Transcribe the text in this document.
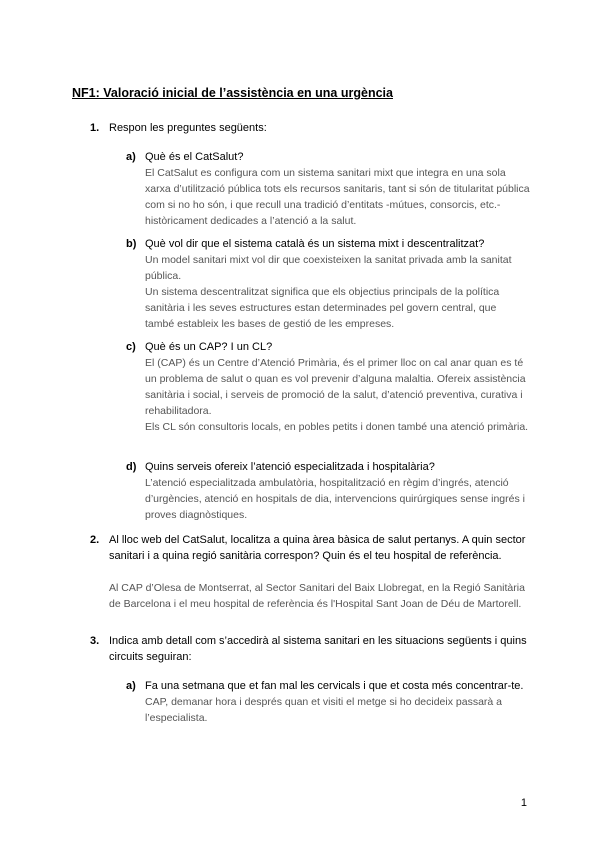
NF1: Valoració inicial de l’assistència en una urgència
1. Respon les preguntes següents:
a) Què és el CatSalut?

El CatSalut es configura com un sistema sanitari mixt que integra en una sola xarxa d’utilització pública tots els recursos sanitaris, tant si són de titularitat pública com si no ho són, i que recull una tradició d’entitats -mútues, consorcis, etc.- històricament dedicades a l’atenció a la salut.

b) Què vol dir que el sistema català és un sistema mixt i descentralitzat?

Un model sanitari mixt vol dir que coexisteixen la sanitat privada amb la sanitat pública.

Un sistema descentralitzat significa que els objectius principals de la política sanitària i les seves estructures estan determinades pel govern central, que també estableix les bases de gestió de les empreses.

c) Què és un CAP? I un CL?

El (CAP) és un Centre d’Atenció Primària, és el primer lloc on cal anar quan es té un problema de salut o quan es vol prevenir d’alguna malaltia. Ofereix assistència sanitària i social, i serveis de promoció de la salut, d’atenció preventiva, curativa i rehabilitadora.

Els CL són consultoris locals, en pobles petits i donen també una atenció primària.

d) Quins serveis ofereix l’atenció especialitzada i hospitalària?

L’atenció especialitzada ambulatòria, hospitalització en règim d’ingrés, atenció d’urgències, atenció en hospitals de dia, intervencions quirúrgiques sense ingrés i proves diagnòstiques.

2. Al lloc web del CatSalut, localitza a quina àrea bàsica de salut pertanys. A quin sector sanitari i a quina regió sanitària correspon? Quin és el teu hospital de referència.
Al CAP d’Olesa de Montserrat, al Sector Sanitari del Baix Llobregat, en la Regió Sanitària de Barcelona i el meu hospital de referència és l'Hospital Sant Joan de Déu de Martorell.
3. Indica amb detall com s’accedirà al sistema sanitari en les situacions següents i quins circuits seguiran:
a) Fa una setmana que et fan mal les cervicals i que et costa més concentrar-te.

CAP, demanar hora i després quan et visiti el metge si ho decideix passarà a l’especialista.

1
